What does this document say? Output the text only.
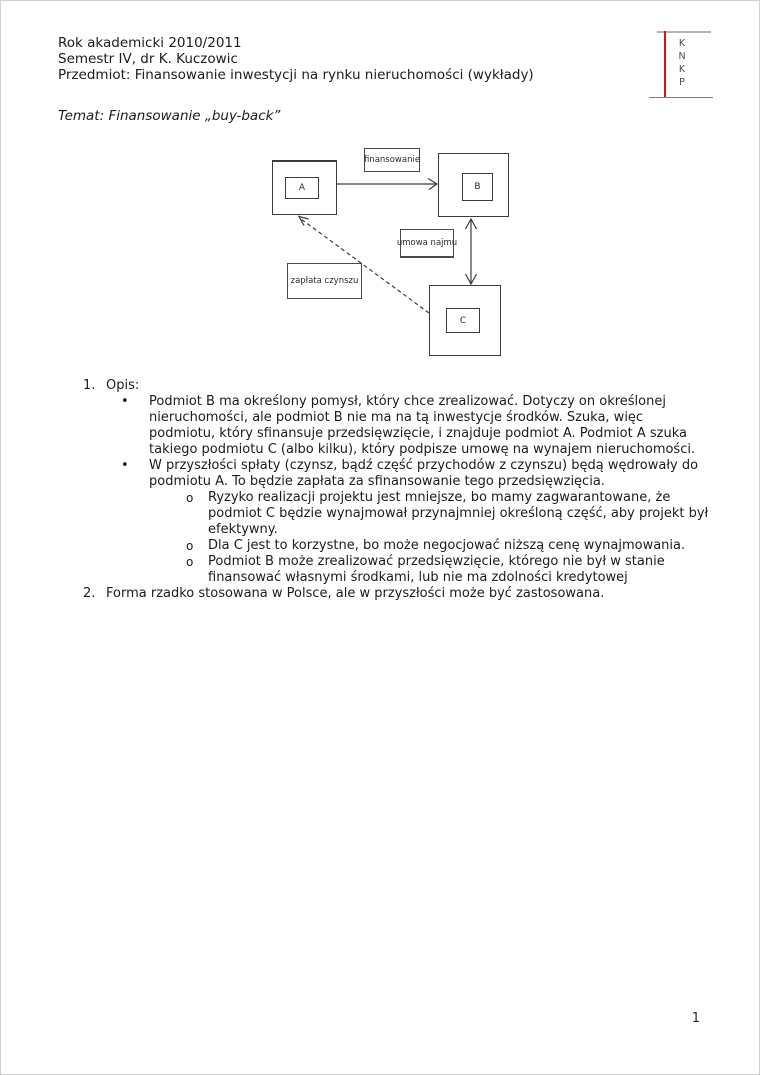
Rok akademicki 2010/2011
Semestr IV, dr K. Kuczowic
Przedmiot: Finansowanie inwestycji na rynku nieruchomości (wykłady)
K
N
K
P
Temat: Finansowanie „buy-back”
A	B
C
finansowanie
umowa najmu
zapłata czynszu
1. Opis:
•	Podmiot B ma określony pomysł, który chce zrealizować. Dotyczy on określonej nieruchomości, ale podmiot B nie ma na tą inwestycje środków. Szuka, więc podmiotu, który sfinansuje przedsięwzięcie, i znajduje podmiot A. Podmiot A szuka takiego podmiotu C (albo kilku), który podpisze umowę na wynajem nieruchomości.
•	W przyszłości spłaty (czynsz, bądź część przychodów z czynszu) będą wędrowały do podmiotu A. To będzie zapłata za sfinansowanie tego przedsięwzięcia.
o	Ryzyko realizacji projektu jest mniejsze, bo mamy zagwarantowane, że podmiot C będzie wynajmował przynajmniej określoną część, aby projekt był efektywny.
o	Dla C jest to korzystne, bo może negocjować niższą cenę wynajmowania.
o	Podmiot B może zrealizować przedsięwzięcie, którego nie był w stanie finansować własnymi środkami, lub nie ma zdolności kredytowej
2. Forma rzadko stosowana w Polsce, ale w przyszłości może być zastosowana.
1
